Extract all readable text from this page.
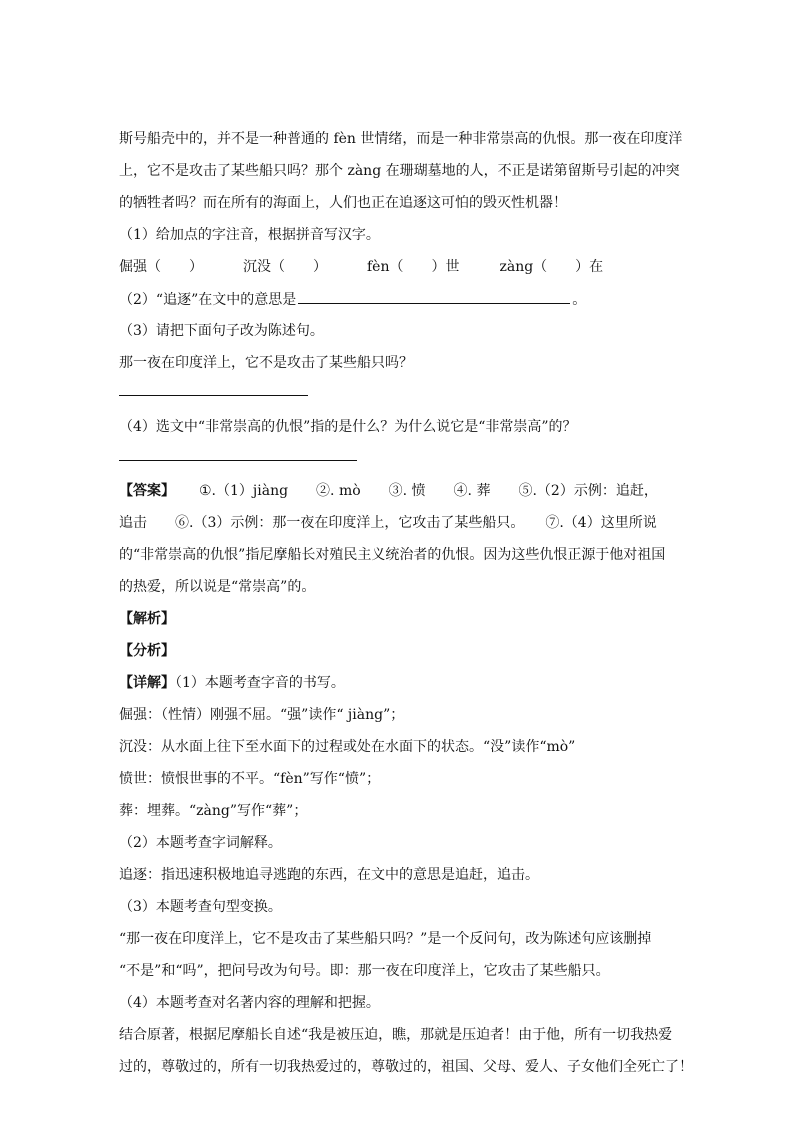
斯号船壳中的，并不是一种普通的 fèn 世情绪，而是一种非常崇高的仇恨。那一夜在印度洋
上，它不是攻击了某些船只吗？那个 zàng 在珊瑚墓地的人，不正是诺第留斯号引起的冲突
的牺牲者吗？而在所有的海面上，人们也正在追逐这可怕的毁灭性机器！
（1）给加点的字注音，根据拼音写汉字。
倔强（　　）	沉没（　　）	fèn（　　）世	zàng（　　）在
（2）“追逐”在文中的意思是	。
（3）请把下面句子改为陈述句。
那一夜在印度洋上，它不是攻击了某些船只吗？
（4）选文中“非常崇高的仇恨”指的是什么？为什么说它是“非常崇高”的？
【答案】 ①.（1）jiàng　　②. mò　　③. 愤　　④. 葬　　⑤.（2）示例：追赶，
追击　　⑥.（3）示例：那一夜在印度洋上，它攻击了某些船只。　　⑦.（4）这里所说
的“非常崇高的仇恨”指尼摩船长对殖民主义统治者的仇恨。因为这些仇恨正源于他对祖国
的热爱，所以说是“常崇高”的。
【解析】
【分析】
【详解】（1）本题考查字音的书写。
倔强：（性情）刚强不屈。“强”读作“ jiàng”；
沉没：从水面上往下至水面下的过程或处在水面下的状态。“没”读作“mò”
愤世：愤恨世事的不平。“fèn”写作“愤”；
葬：埋葬。“zàng”写作“葬”；
（2）本题考查字词解释。
追逐：指迅速积极地追寻逃跑的东西，在文中的意思是追赶，追击。
（3）本题考查句型变换。
“那一夜在印度洋上，它不是攻击了某些船只吗？”是一个反问句，改为陈述句应该删掉
“不是”和“吗”，把问号改为句号。即：那一夜在印度洋上，它攻击了某些船只。
（4）本题考查对名著内容的理解和把握。
结合原著，根据尼摩船长自述“我是被压迫，瞧，那就是压迫者！由于他，所有一切我热爱
过的，尊敬过的，所有一切我热爱过的，尊敬过的，祖国、父母、爱人、子女他们全死亡了！
